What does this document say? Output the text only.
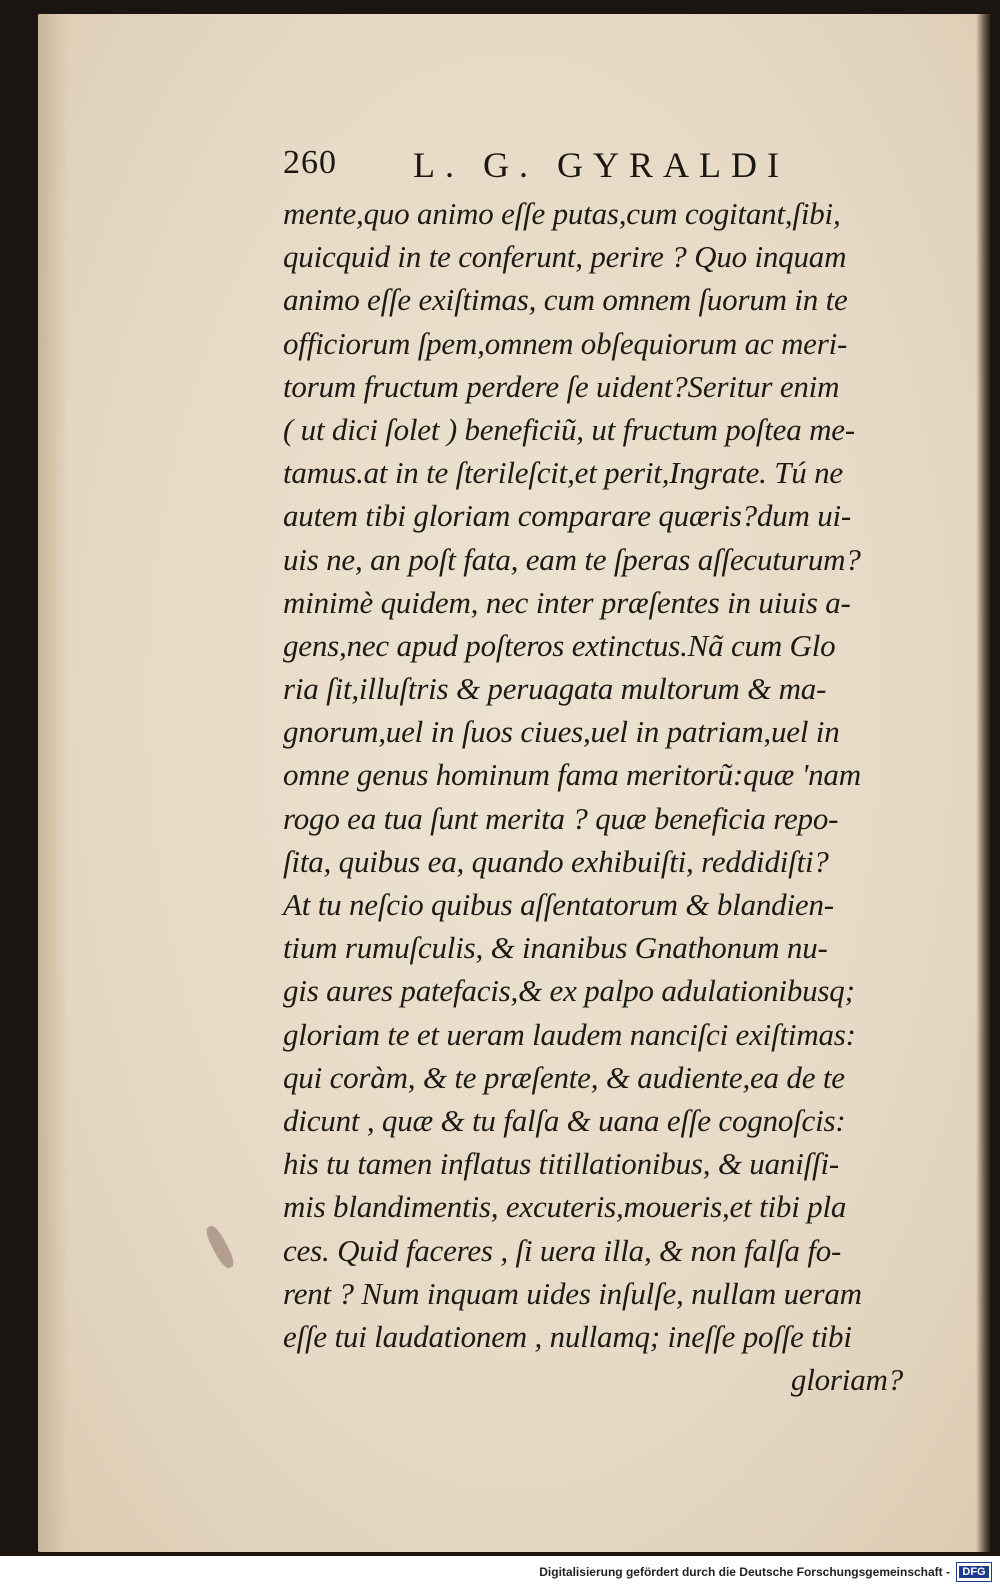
260 L. G. GYRALDI
mente,quo animo eſſe putas,cum cogitant,ſibi,
quicquid in te conferunt, perire ? Quo inquam
animo eſſe exiſtimas, cum omnem ſuorum in te
officiorum ſpem,omnem obſequiorum ac meri-
torum fructum perdere ſe uident?Seritur enim
( ut dici ſolet ) beneficiũ, ut fructum poſtea me-
tamus.at in te ſterileſcit,et perit,Ingrate. Tú ne
autem tibi gloriam comparare quæris?dum ui-
uis ne, an poſt fata, eam te ſperas aſſecuturum?
minimè quidem, nec inter præſentes in uiuis a-
gens,nec apud poſteros extinctus.Nã cum Glo
ria ſit,illuſtris & peruagata multorum & ma-
gnorum,uel in ſuos ciues,uel in patriam,uel in
omne genus hominum fama meritorũ:quæ 'nam
rogo ea tua ſunt merita ? quæ beneficia repo-
ſita, quibus ea, quando exhibuiſti, reddidiſti?
At tu neſcio quibus aſſentatorum & blandien-
tium rumuſculis, & inanibus Gnathonum nu-
gis aures patefacis,& ex palpo adulationibusq;
gloriam te et ueram laudem nanciſci exiſtimas:
qui coràm, & te præſente, & audiente,ea de te
dicunt , quæ & tu falſa & uana eſſe cognoſcis:
his tu tamen inflatus titillationibus, & uaniſſi-
mis blandimentis, excuteris,moueris,et tibi pla
ces. Quid faceres , ſi uera illa, & non falſa fo-
rent ? Num inquam uides inſulſe, nullam ueram
eſſe tui laudationem , nullamq; ineſſe poſſe tibi
gloriam?
Digitalisierung gefördert durch die Deutsche Forschungsgemeinschaft -	DFG
